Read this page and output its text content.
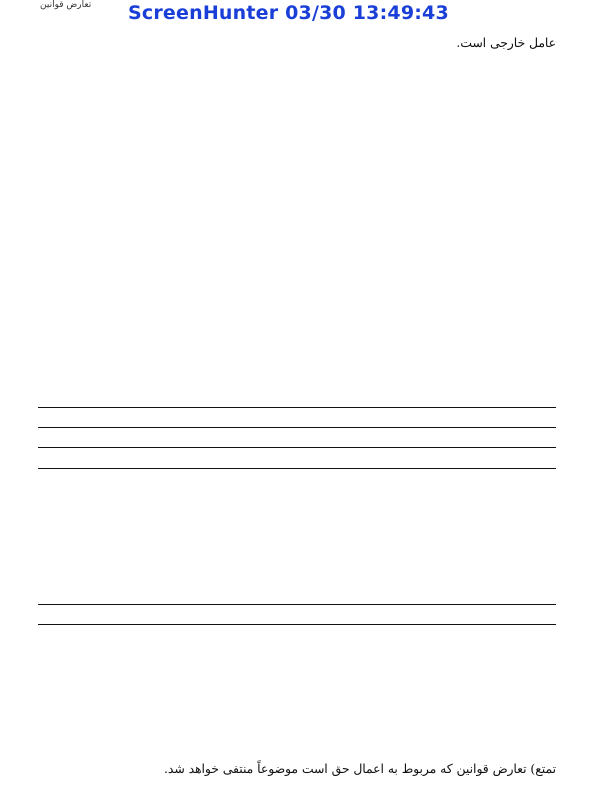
تعارض قوانین	ScreenHunter 03/30 13:49:43
عامل خارجی است.
تمتع) تعارض قوانین که مربوط به اعمال حق است موضوعاً منتفی خواهد شد.
